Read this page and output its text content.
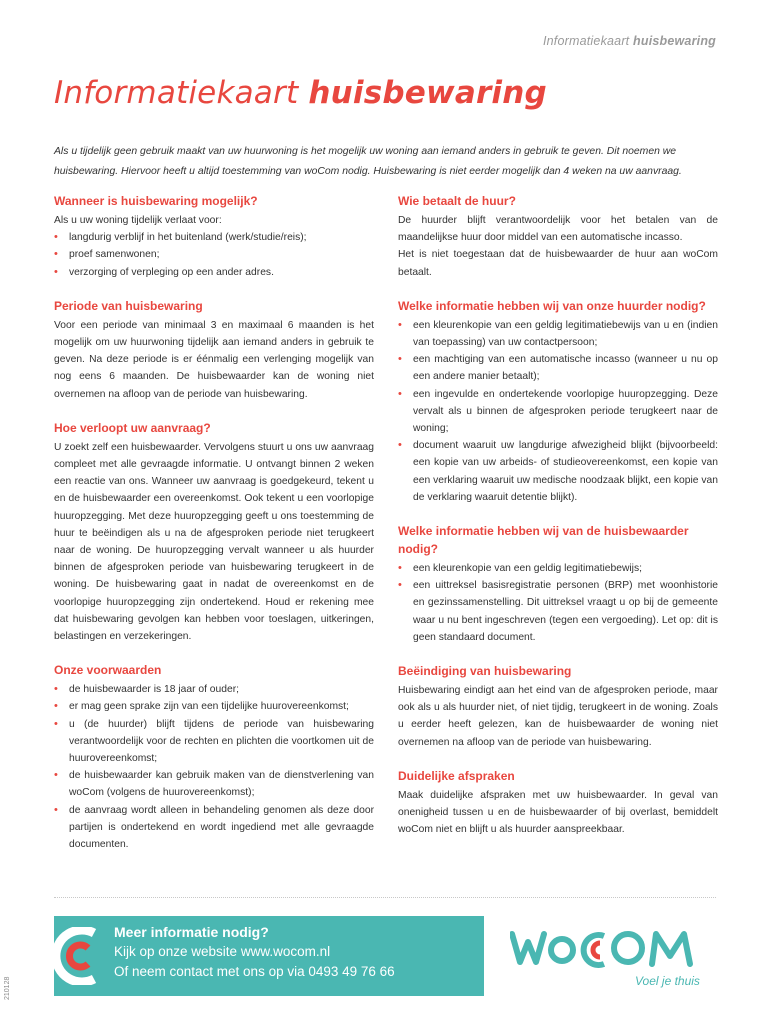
Informatiekaart huisbewaring
Informatiekaart huisbewaring

Als u tijdelijk geen gebruik maakt van uw huurwoning is het mogelijk uw woning aan iemand anders in gebruik te geven. Dit noemen we huisbewaring. Hiervoor heeft u altijd toestemming van woCom nodig. Huisbewaring is niet eerder mogelijk dan 4 weken na uw aanvraag.

Wanneer is huisbewaring mogelijk?
Als u uw woning tijdelijk verlaat voor:
• langdurig verblijf in het buitenland (werk/studie/reis);
• proef samenwonen;
• verzorging of verpleging op een ander adres.
Periode van huisbewaring
Voor een periode van minimaal 3 en maximaal 6 maanden is het mogelijk om uw huurwoning tijdelijk aan iemand anders in gebruik te geven. Na deze periode is er éénmalig een verlenging mogelijk van nog eens 6 maanden. De huisbewaarder kan de woning niet overnemen na afloop van de periode van huisbewaring.
Hoe verloopt uw aanvraag?
U zoekt zelf een huisbewaarder. Vervolgens stuurt u ons uw aanvraag compleet met alle gevraagde informatie. U ontvangt binnen 2 weken een reactie van ons. Wanneer uw aanvraag is goedgekeurd, tekent u en de huisbewaarder een overeenkomst. Ook tekent u een voorlopige huuropzegging. Met deze huuropzegging geeft u ons toestemming de huur te beëindigen als u na de afgesproken periode niet terugkeert naar de woning. De huuropzegging vervalt wanneer u als huurder binnen de afgesproken periode van huisbewaring terugkeert in de woning. De huisbewaring gaat in nadat de overeenkomst en de voorlopige huuropzegging zijn ondertekend. Houd er rekening mee dat huisbewaring gevolgen kan hebben voor toeslagen, uitkeringen, belastingen en verzekeringen.
Onze voorwaarden
• de huisbewaarder is 18 jaar of ouder;
• er mag geen sprake zijn van een tijdelijke huurovereenkomst;
• u (de huurder) blijft tijdens de periode van huisbewaring verantwoordelijk voor de rechten en plichten die voortkomen uit de huurovereenkomst;
• de huisbewaarder kan gebruik maken van de dienstverlening van woCom (volgens de huurovereenkomst);
• de aanvraag wordt alleen in behandeling genomen als deze door partijen is ondertekend en wordt ingediend met alle gevraagde documenten.
Wie betaalt de huur?
De huurder blijft verantwoordelijk voor het betalen van de maandelijkse huur door middel van een automatische incasso.
Het is niet toegestaan dat de huisbewaarder de huur aan woCom betaalt.
Welke informatie hebben wij van onze huurder nodig?
• een kleurenkopie van een geldig legitimatiebewijs van u en (indien van toepassing) van uw contactpersoon;
• een machtiging van een automatische incasso (wanneer u nu op een andere manier betaalt);
• een ingevulde en ondertekende voorlopige huuropzegging. Deze vervalt als u binnen de afgesproken periode terugkeert naar de woning;
• document waaruit uw langdurige afwezigheid blijkt (bijvoorbeeld: een kopie van uw arbeids- of studieovereenkomst, een kopie van een verklaring waaruit uw medische noodzaak blijkt, een kopie van de verklaring waaruit detentie blijkt).
Welke informatie hebben wij van de huisbewaarder nodig?
• een kleurenkopie van een geldig legitimatiebewijs;
• een uittreksel basisregistratie personen (BRP) met woonhistorie en gezinssamenstelling. Dit uittreksel vraagt u op bij de gemeente waar u nu bent ingeschreven (tegen een vergoeding). Let op: dit is geen standaard document.
Beëindiging van huisbewaring
Huisbewaring eindigt aan het eind van de afgesproken periode, maar ook als u als huurder niet, of niet tijdig, terugkeert in de woning. Zoals u eerder heeft gelezen, kan de huisbewaarder de woning niet overnemen na afloop van de periode van huisbewaring.
Duidelijke afspraken
Maak duidelijke afspraken met uw huisbewaarder. In geval van onenigheid tussen u en de huisbewaarder of bij overlast, bemiddelt woCom niet en blijft u als huurder aanspreekbaar.
Meer informatie nodig?
Kijk op onze website www.wocom.nl
Of neem contact met ons op via 0493 49 76 66
WOCOM
Voel je thuis
210128
